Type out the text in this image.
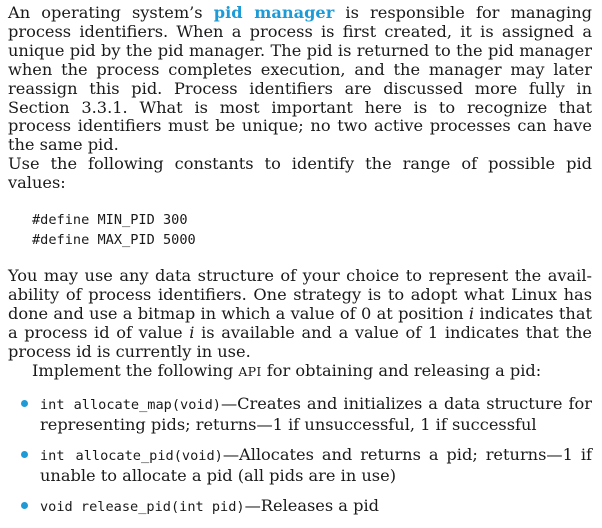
An operating system’s pid manager is responsible for managing process identifiers. When a process is first created, it is assigned a unique pid by the pid manager. The pid is returned to the pid manager when the process completes execution, and the manager may later reassign this pid. Process identifiers are discussed more fully in Section 3.3.1. What is most important here is to recognize that process identifiers must be unique; no two active processes can have the same pid.

Use the following constants to identify the range of possible pid values:

#define MIN_PID 300
#define MAX_PID 5000

You may use any data structure of your choice to represent the avail-ability of process identifiers. One strategy is to adopt what Linux has done and use a bitmap in which a value of 0 at position i indicates that a process id of value i is available and a value of 1 indicates that the process id is currently in use.

Implement the following API for obtaining and releasing a pid:

int allocate_map(void)—Creates and initializes a data structure for representing pids; returns—1 if unsuccessful, 1 if successful
int allocate_pid(void)—Allocates and returns a pid; returns—1 if unable to allocate a pid (all pids are in use)
void release_pid(int pid)—Releases a pid
